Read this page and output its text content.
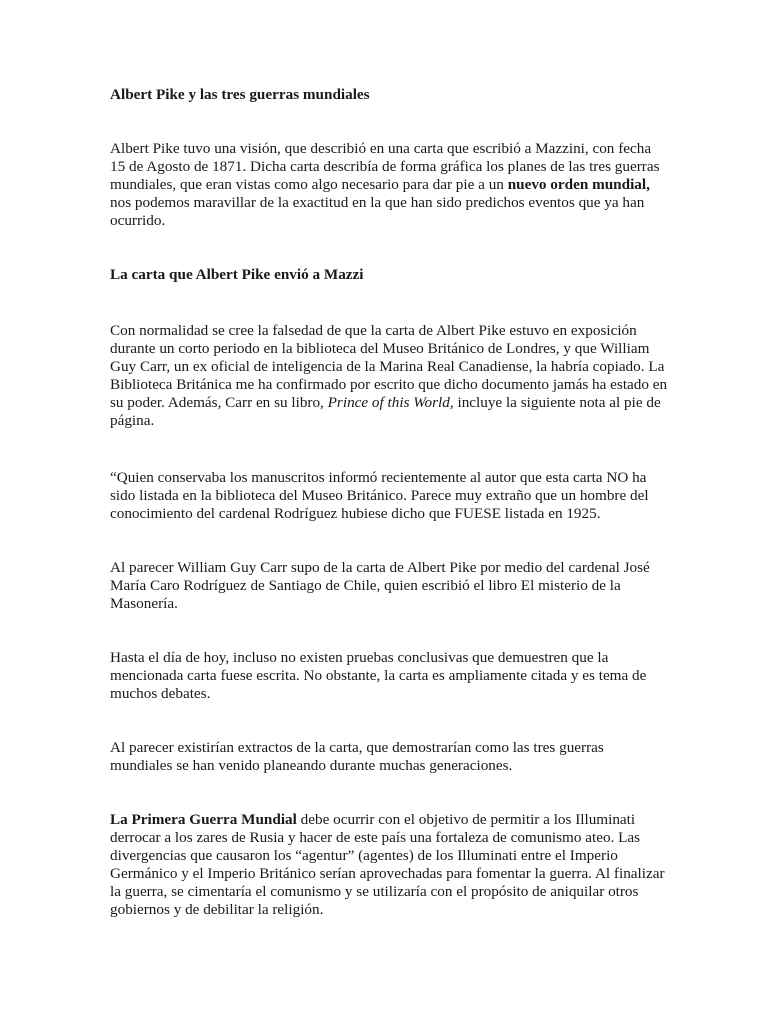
Albert Pike y las tres guerras mundiales

Albert Pike tuvo una visión, que describió en una carta que escribió a Mazzini, con fecha 15 de Agosto de 1871. Dicha carta describía de forma gráfica los planes de las tres guerras mundiales, que eran vistas como algo necesario para dar pie a un nuevo orden mundial, nos podemos maravillar de la exactitud en la que han sido predichos eventos que ya han ocurrido.

La carta que Albert Pike envió a Mazzi

Con normalidad se cree la falsedad de que la carta de Albert Pike estuvo en exposición durante un corto periodo en la biblioteca del Museo Británico de Londres, y que William Guy Carr, un ex oficial de inteligencia de la Marina Real Canadiense, la habría copiado. La Biblioteca Británica me ha confirmado por escrito que dicho documento jamás ha estado en su poder. Además, Carr en su libro, Prince of this World, incluye la siguiente nota al pie de página.

“Quien conservaba los manuscritos informó recientemente al autor que esta carta NO ha sido listada en la biblioteca del Museo Británico. Parece muy extraño que un hombre del conocimiento del cardenal Rodríguez hubiese dicho que FUESE listada en 1925.

Al parecer William Guy Carr supo de la carta de Albert Pike por medio del cardenal José María Caro Rodríguez de Santiago de Chile, quien escribió el libro El misterio de la Masonería.

Hasta el día de hoy, incluso no existen pruebas conclusivas que demuestren que la mencionada carta fuese escrita. No obstante, la carta es ampliamente citada y es tema de muchos debates.

Al parecer existirían extractos de la carta, que demostrarían como las tres guerras mundiales se han venido planeando durante muchas generaciones.

La Primera Guerra Mundial debe ocurrir con el objetivo de permitir a los Illuminati derrocar a los zares de Rusia y hacer de este país una fortaleza de comunismo ateo. Las divergencias que causaron los “agentur” (agentes) de los Illuminati entre el Imperio Germánico y el Imperio Británico serían aprovechadas para fomentar la guerra. Al finalizar la guerra, se cimentaría el comunismo y se utilizaría con el propósito de aniquilar otros gobiernos y de debilitar la religión.
